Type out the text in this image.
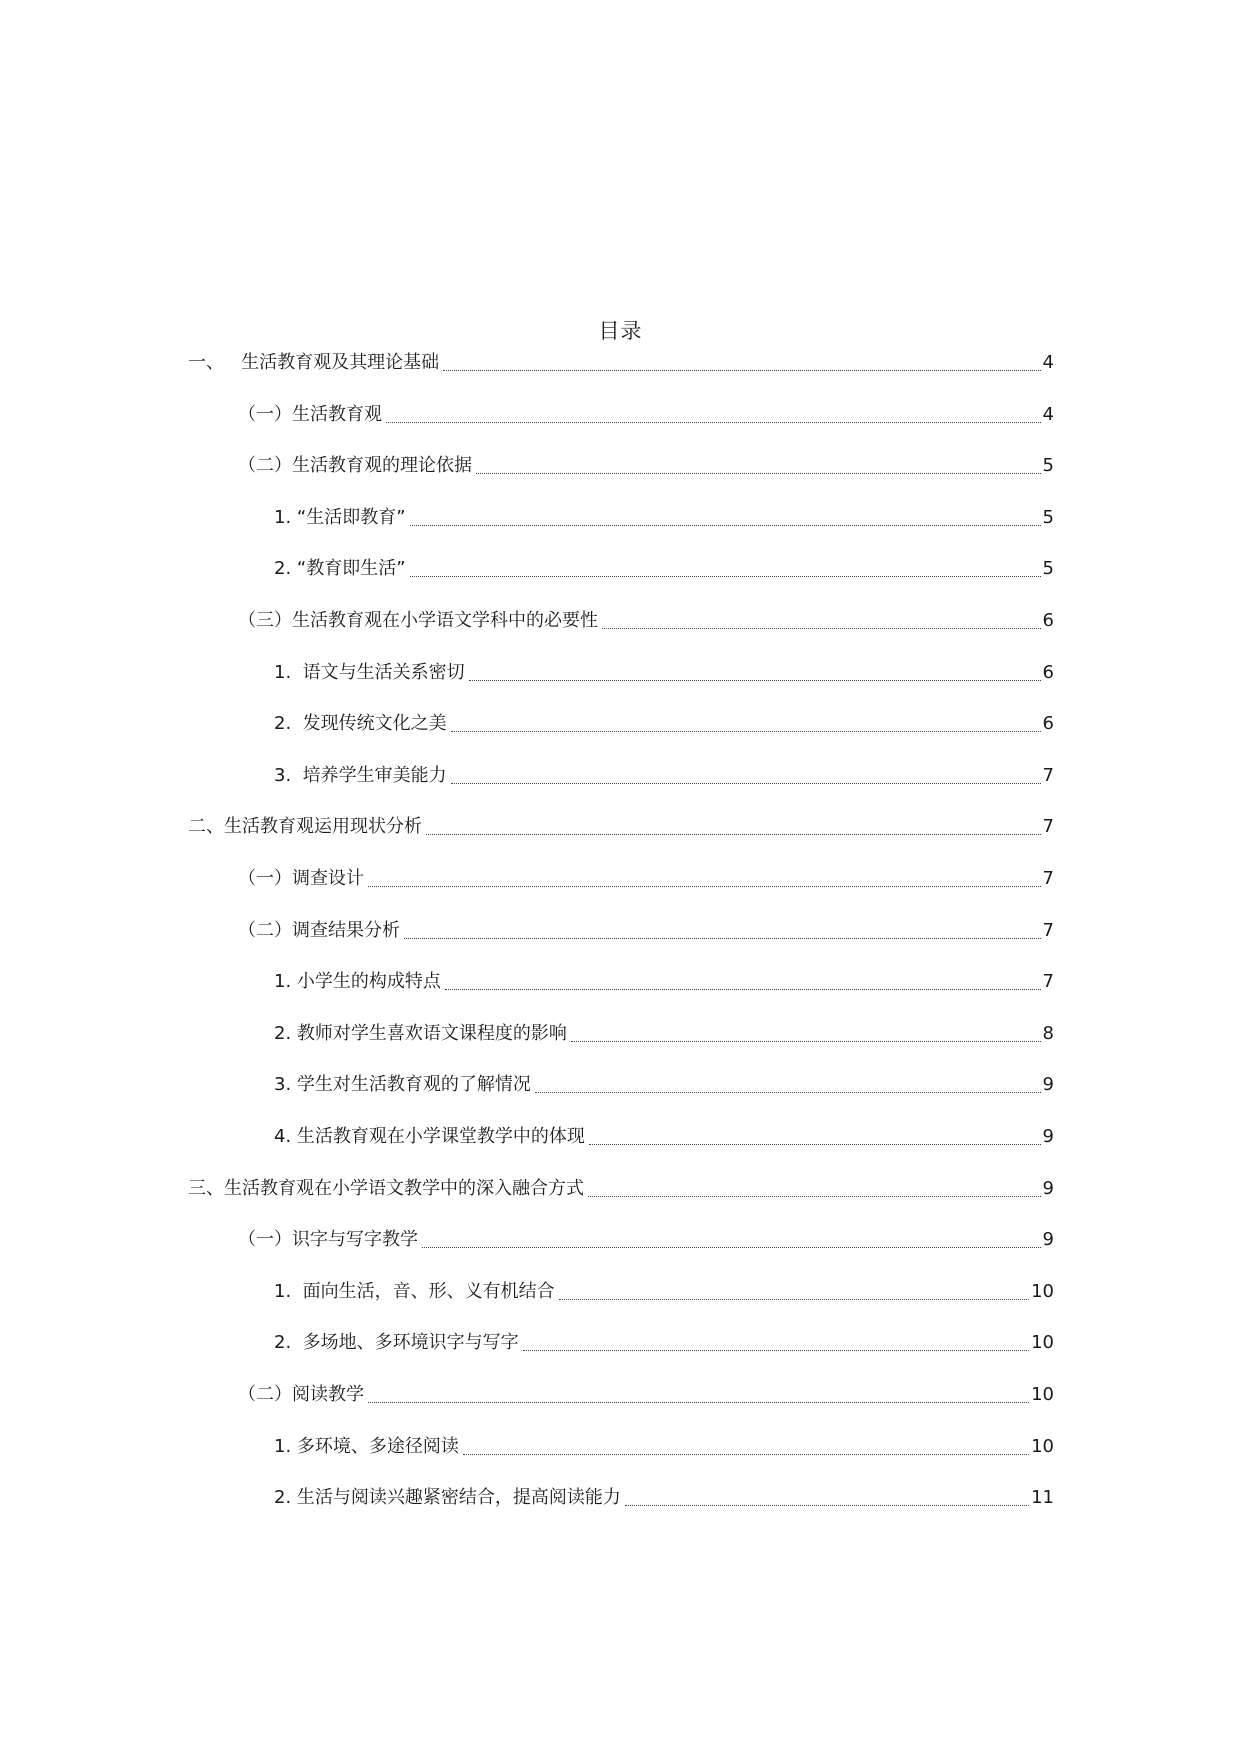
目录
一、   生活教育观及其理论基础	4
（一）生活教育观	4
（二）生活教育观的理论依据	5
1. “生活即教育”	5
2. “教育即生活”	5
（三）生活教育观在小学语文学科中的必要性	6
1.  语文与生活关系密切	6
2.  发现传统文化之美	6
3.  培养学生审美能力	7
二、生活教育观运用现状分析	7
（一）调查设计	7
（二）调查结果分析	7
1. 小学生的构成特点	7
2. 教师对学生喜欢语文课程度的影响	8
3. 学生对生活教育观的了解情况	9
4. 生活教育观在小学课堂教学中的体现	9
三、生活教育观在小学语文教学中的深入融合方式	9
（一）识字与写字教学	9
1.  面向生活，音、形、义有机结合	10
2.  多场地、多环境识字与写字	10
（二）阅读教学	10
1. 多环境、多途径阅读	10
2. 生活与阅读兴趣紧密结合，提高阅读能力	11
